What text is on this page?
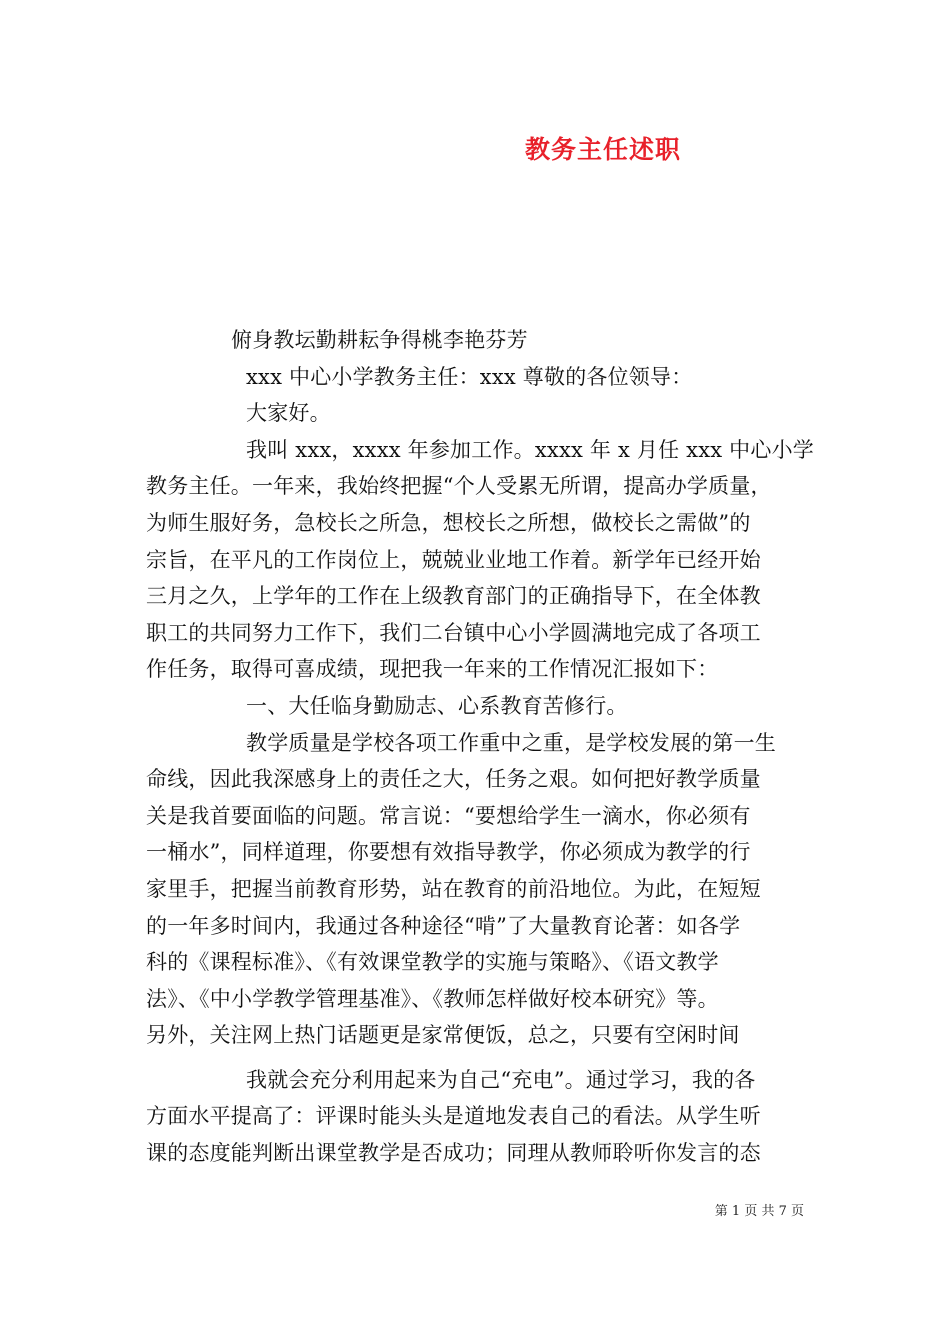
教务主任述职
俯身教坛勤耕耘争得桃李艳芬芳
xxx 中心小学教务主任：xxx 尊敬的各位领导：
大家好。
我叫 xxx，xxxx 年参加工作。xxxx 年 x 月任 xxx 中心小学
教务主任。一年来，我始终把握“个人受累无所谓，提高办学质量，
为师生服好务，急校长之所急，想校长之所想，做校长之需做”的
宗旨，在平凡的工作岗位上，兢兢业业地工作着。新学年已经开始
三月之久，上学年的工作在上级教育部门的正确指导下，在全体教
职工的共同努力工作下，我们二台镇中心小学圆满地完成了各项工
作任务，取得可喜成绩，现把我一年来的工作情况汇报如下：
一、大任临身勤励志、心系教育苦修行。
教学质量是学校各项工作重中之重，是学校发展的第一生
命线，因此我深感身上的责任之大，任务之艰。如何把好教学质量
关是我首要面临的问题。常言说：“要想给学生一滴水，你必须有
一桶水”，同样道理，你要想有效指导教学，你必须成为教学的行
家里手，把握当前教育形势，站在教育的前沿地位。为此，在短短
的一年多时间内，我通过各种途径“啃”了大量教育论著：如各学
科的《课程标准》、《有效课堂教学的实施与策略》、《语文教学
法》、《中小学教学管理基准》、《教师怎样做好校本研究》等。
另外，关注网上热门话题更是家常便饭，总之，只要有空闲时间
我就会充分利用起来为自己“充电”。通过学习，我的各
方面水平提高了：评课时能头头是道地发表自己的看法。从学生听
课的态度能判断出课堂教学是否成功；同理从教师聆听你发言的态
第 1 页 共 7 页
